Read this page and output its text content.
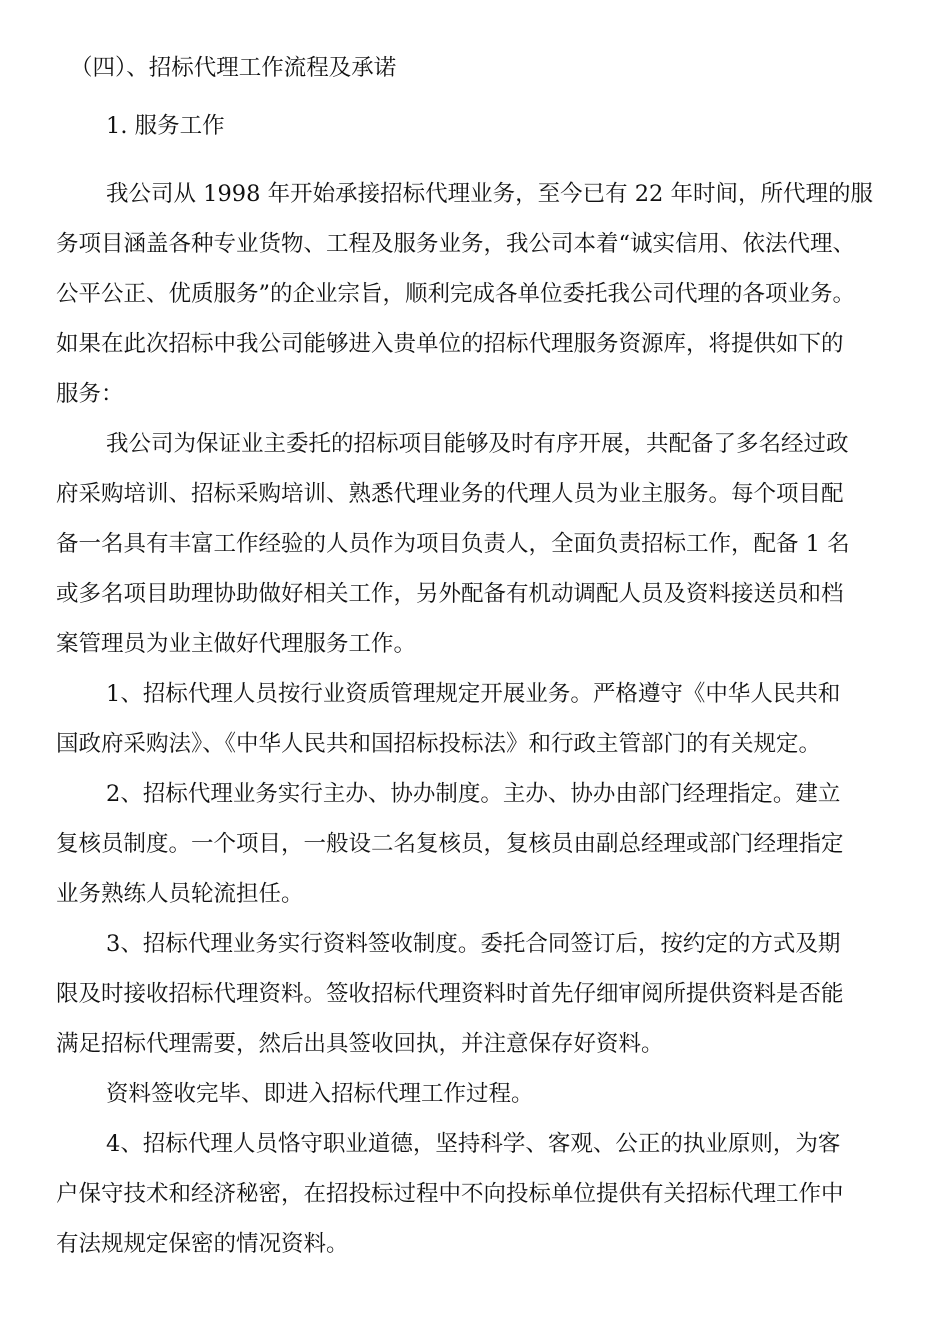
（四）、招标代理工作流程及承诺
1. 服务工作
我公司从 1998 年开始承接招标代理业务，至今已有 22 年时间，所代理的服
务项目涵盖各种专业货物、工程及服务业务，我公司本着“诚实信用、依法代理、
公平公正、优质服务”的企业宗旨，顺利完成各单位委托我公司代理的各项业务。
如果在此次招标中我公司能够进入贵单位的招标代理服务资源库，将提供如下的
服务：
我公司为保证业主委托的招标项目能够及时有序开展，共配备了多名经过政
府采购培训、招标采购培训、熟悉代理业务的代理人员为业主服务。每个项目配
备一名具有丰富工作经验的人员作为项目负责人，全面负责招标工作，配备 1 名
或多名项目助理协助做好相关工作，另外配备有机动调配人员及资料接送员和档
案管理员为业主做好代理服务工作。
1、招标代理人员按行业资质管理规定开展业务。严格遵守《中华人民共和
国政府采购法》、《中华人民共和国招标投标法》和行政主管部门的有关规定。
2、招标代理业务实行主办、协办制度。主办、协办由部门经理指定。建立
复核员制度。一个项目，一般设二名复核员，复核员由副总经理或部门经理指定
业务熟练人员轮流担任。
3、招标代理业务实行资料签收制度。委托合同签订后，按约定的方式及期
限及时接收招标代理资料。签收招标代理资料时首先仔细审阅所提供资料是否能
满足招标代理需要，然后出具签收回执，并注意保存好资料。
资料签收完毕、即进入招标代理工作过程。
4、招标代理人员恪守职业道德，坚持科学、客观、公正的执业原则，为客
户保守技术和经济秘密，在招投标过程中不向投标单位提供有关招标代理工作中
有法规规定保密的情况资料。
